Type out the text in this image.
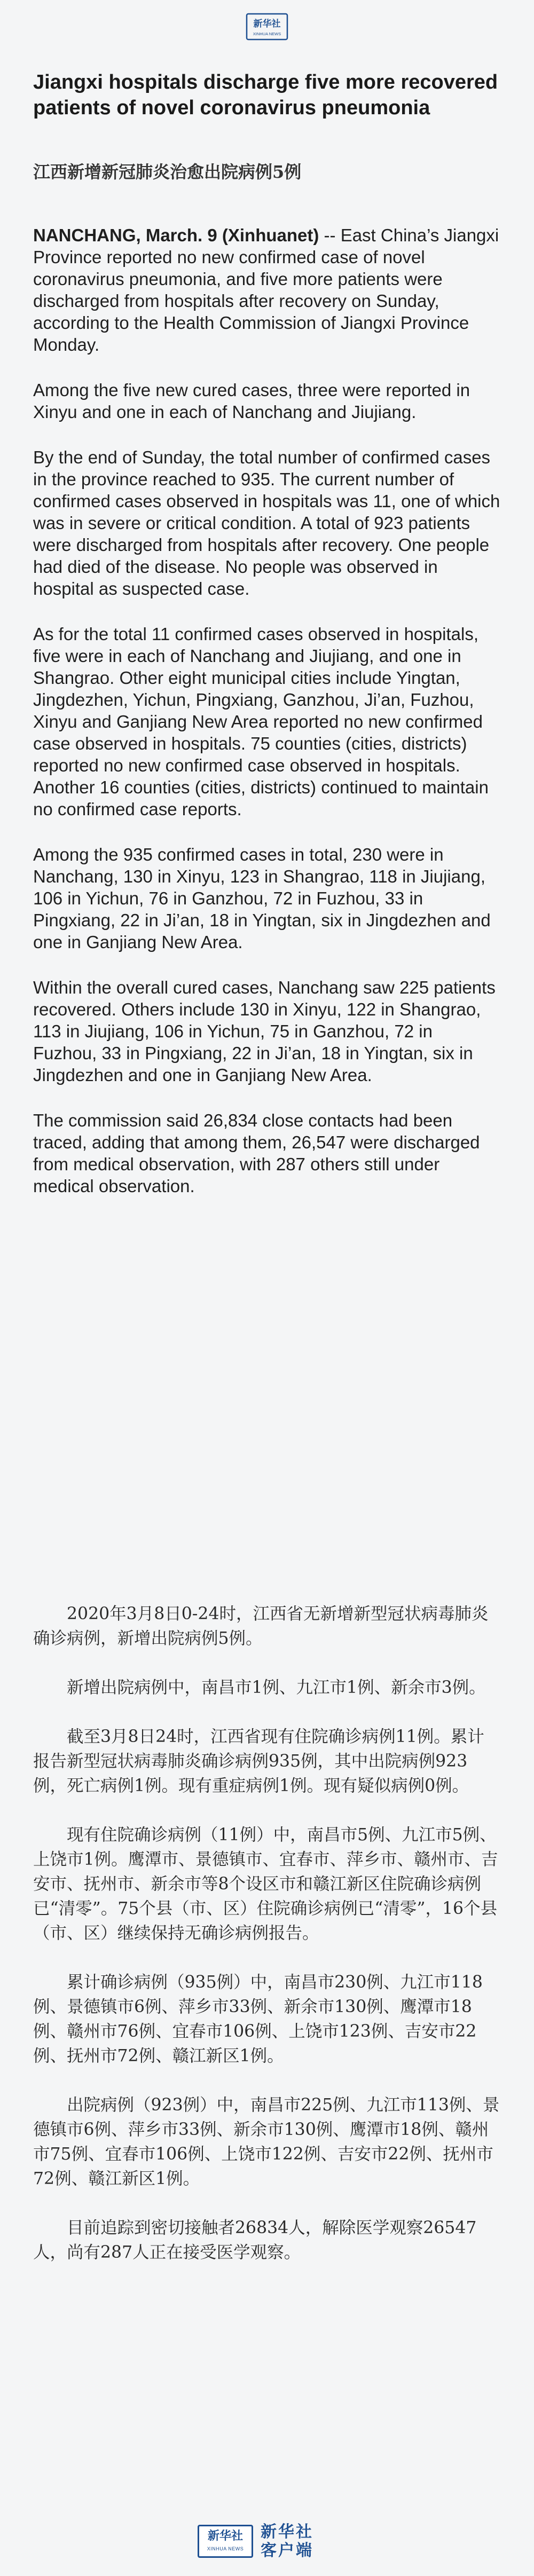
新华社
XINHUA NEWS
Jiangxi hospitals discharge five more recovered patients of novel coronavirus pneumonia
江西新增新冠肺炎治愈出院病例5例

NANCHANG, March. 9 (Xinhuanet) -- East China’s Jiangxi Province reported no new confirmed case of novel coronavirus pneumonia, and five more patients were discharged from hospitals after recovery on Sunday, according to the Health Commission of Jiangxi Province Monday.

Among the five new cured cases, three were reported in Xinyu and one in each of Nanchang and Jiujiang.

By the end of Sunday, the total number of confirmed cases in the province reached to 935. The current number of confirmed cases observed in hospitals was 11, one of which was in severe or critical condition. A total of 923 patients were discharged from hospitals after recovery. One people had died of the disease. No people was observed in hospital as suspected case.

As for the total 11 confirmed cases observed in hospitals, five were in each of Nanchang and Jiujiang, and one in Shangrao. Other eight municipal cities include Yingtan, Jingdezhen, Yichun, Pingxiang, Ganzhou, Ji’an, Fuzhou, Xinyu and Ganjiang New Area reported no new confirmed case observed in hospitals. 75 counties (cities, districts) reported no new confirmed case observed in hospitals. Another 16 counties (cities, districts) continued to maintain no confirmed case reports.

Among the 935 confirmed cases in total, 230 were in Nanchang, 130 in Xinyu, 123 in Shangrao, 118 in Jiujiang, 106 in Yichun, 76 in Ganzhou, 72 in Fuzhou, 33 in Pingxiang, 22 in Ji’an, 18 in Yingtan, six in Jingdezhen and one in Ganjiang New Area.

Within the overall cured cases, Nanchang saw 225 patients recovered. Others include 130 in Xinyu, 122 in Shangrao, 113 in Jiujiang, 106 in Yichun, 75 in Ganzhou, 72 in Fuzhou, 33 in Pingxiang, 22 in Ji’an, 18 in Yingtan, six in Jingdezhen and one in Ganjiang New Area.

The commission said 26,834 close contacts had been traced, adding that among them, 26,547 were discharged from medical observation, with 287 others still under medical observation.

2020年3月8日0-24时，江西省无新增新型冠状病毒肺炎确诊病例，新增出院病例5例。

新增出院病例中，南昌市1例、九江市1例、新余市3例。

截至3月8日24时，江西省现有住院确诊病例11例。累计报告新型冠状病毒肺炎确诊病例935例，其中出院病例923例，死亡病例1例。现有重症病例1例。现有疑似病例0例。

现有住院确诊病例（11例）中，南昌市5例、九江市5例、上饶市1例。鹰潭市、景德镇市、宜春市、萍乡市、赣州市、吉安市、抚州市、新余市等8个设区市和赣江新区住院确诊病例已“清零”。75个县（市、区）住院确诊病例已“清零”，16个县（市、区）继续保持无确诊病例报告。

累计确诊病例（935例）中，南昌市230例、九江市118例、景德镇市6例、萍乡市33例、新余市130例、鹰潭市18例、赣州市76例、宜春市106例、上饶市123例、吉安市22例、抚州市72例、赣江新区1例。

出院病例（923例）中，南昌市225例、九江市113例、景德镇市6例、萍乡市33例、新余市130例、鹰潭市18例、赣州市75例、宜春市106例、上饶市122例、吉安市22例、抚州市72例、赣江新区1例。

目前追踪到密切接触者26834人，解除医学观察26547人，尚有287人正在接受医学观察。

新华社
XINHUA NEWS
新华社
客户端
